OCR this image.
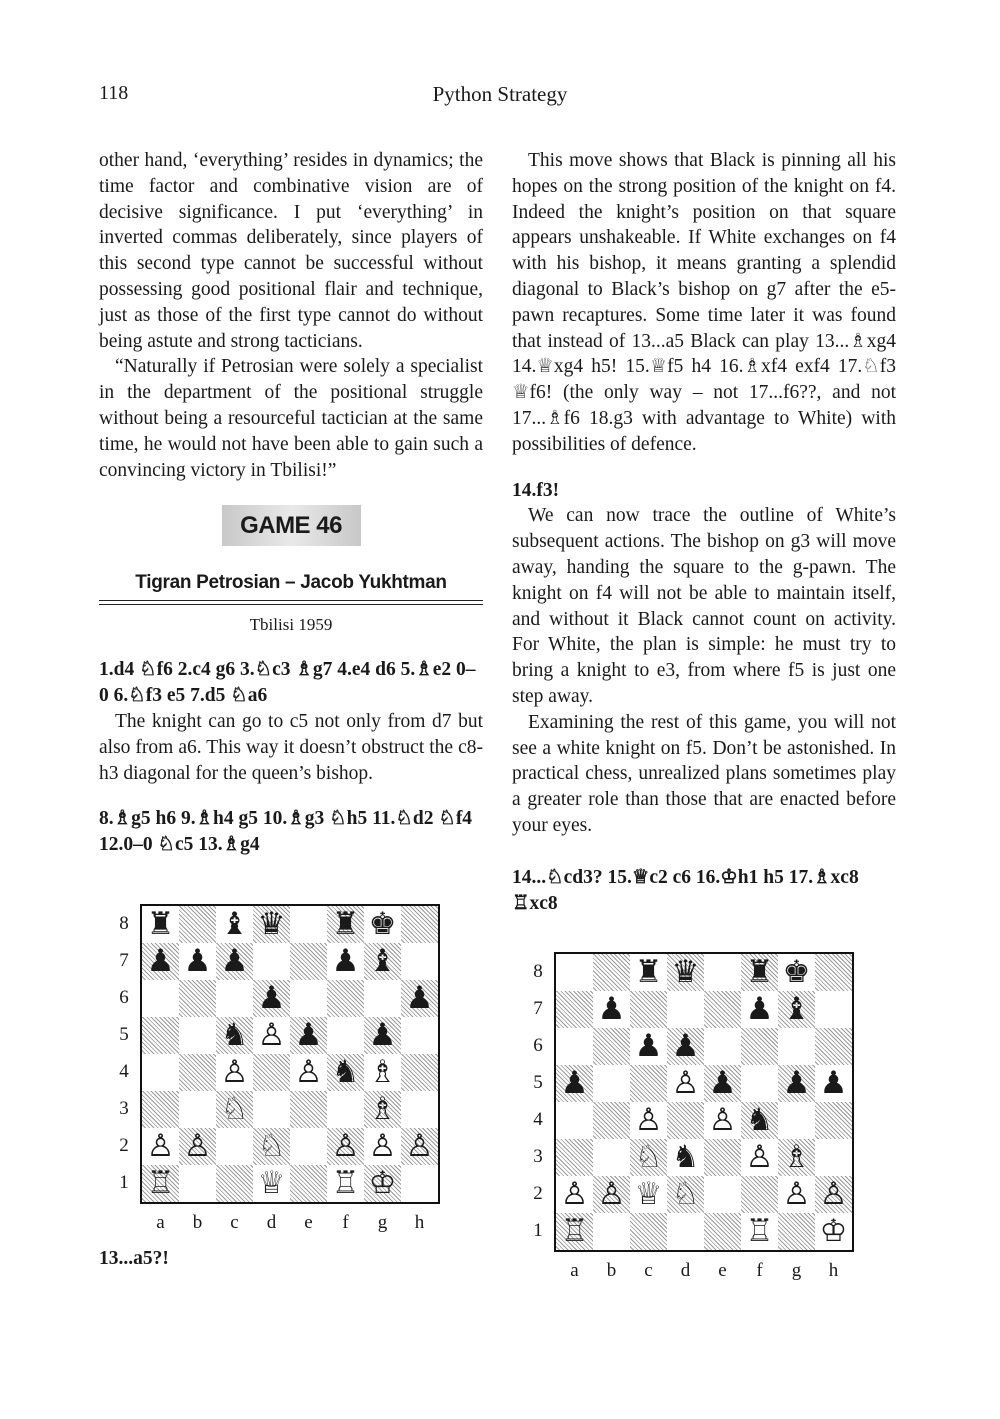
118	Python Strategy

other hand, ‘everything’ resides in dynamics; the time factor and combinative vision are of decisive significance. I put ‘everything’ in inverted commas deliberately, since players of this second type cannot be successful without possessing good positional flair and technique, just as those of the first type cannot do without being astute and strong tacticians.

“Naturally if Petrosian were solely a specialist in the department of the positional struggle without being a resourceful tactician at the same time, he would not have been able to gain such a convincing victory in Tbilisi!”

GAME 46
Tigran Petrosian – Jacob Yukhtman
Tbilisi 1959

1.d4 ♘f6 2.c4 g6 3.♘c3 ♗g7 4.e4 d6 5.♗e2 0–0 6.♘f3 e5 7.d5 ♘a6

The knight can go to c5 not only from d7 but also from a6. This way it doesn’t obstruct the c8-h3 diagonal for the queen’s bishop.

8.♗g5 h6 9.♗h4 g5 10.♗g3 ♘h5 11.♘d2 ♘f4 12.0–0 ♘c5 13.♗g4

♜ ♝ ♛ ♜ ♚
♟ ♟ ♟	♟ ♝
♟	♟
♞ ♙ ♟ ♟
♙ ♙ ♞ ♗
♘	♗
♙ ♙ ♘ ♙ ♙ ♙
♖	♕ ♖ ♔
8
7
6
5
4
3
2
1
a	b	c	d	e	f	g	h
13...a5?!

This move shows that Black is pinning all his hopes on the strong position of the knight on f4. Indeed the knight’s position on that square appears unshakeable. If White exchanges on f4 with his bishop, it means granting a splendid diagonal to Black’s bishop on g7 after the e5-pawn recaptures. Some time later it was found that instead of 13...a5 Black can play 13...♗xg4 14.♕xg4 h5! 15.♕f5 h4 16.♗xf4 exf4 17.♘f3 ♕f6! (the only way – not 17...f6??, and not 17...♗f6 18.g3 with advantage to White) with possibilities of defence.

14.f3!

We can now trace the outline of White’s subsequent actions. The bishop on g3 will move away, handing the square to the g-pawn. The knight on f4 will not be able to maintain itself, and without it Black cannot count on activity. For White, the plan is simple: he must try to bring a knight to e3, from where f5 is just one step away.

Examining the rest of this game, you will not see a white knight on f5. Don’t be astonished. In practical chess, unrealized plans sometimes play a greater role than those that are enacted before your eyes.

14...♘cd3? 15.♕c2 c6 16.♔h1 h5 17.♗xc8 ♖xc8

♜ ♛ ♜ ♚
♟	♟ ♝
♟ ♟
♟	♙ ♟ ♟ ♟
♙ ♙ ♞
♘ ♞ ♙ ♗
♙ ♙ ♕ ♘	♙ ♙
♖	♖ ♔
8
7
6
5
4
3
2
1
a	b	c	d	e	f	g	h
